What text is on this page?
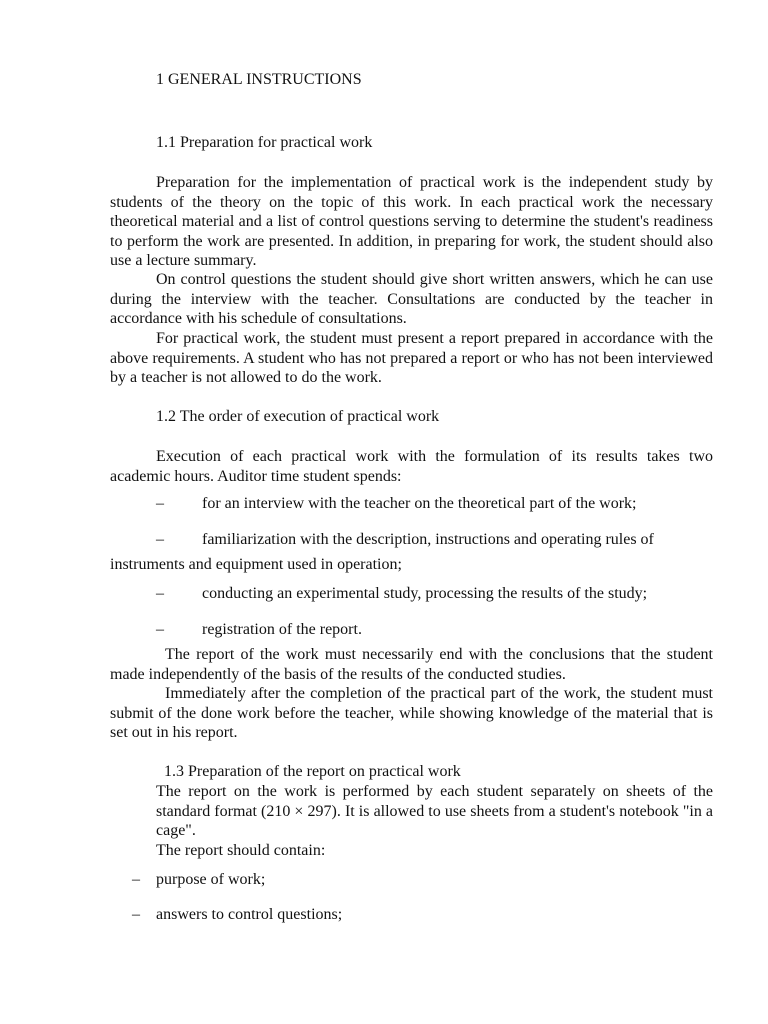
1 GENERAL INSTRUCTIONS
1.1 Preparation for practical work

Preparation for the implementation of practical work is the independent study by students of the theory on the topic of this work. In each practical work the necessary theoretical material and a list of control questions serving to determine the student's readiness to perform the work are presented. In addition, in preparing for work, the student should also use a lecture summary.

On control questions the student should give short written answers, which he can use during the interview with the teacher. Consultations are conducted by the teacher in accordance with his schedule of consultations.

For practical work, the student must present a report prepared in accordance with the above requirements. A student who has not prepared a report or who has not been interviewed by a teacher is not allowed to do the work.

1.2 The order of execution of practical work

Execution of each practical work with the formulation of its results takes two academic hours. Auditor time student spends:

– for an interview with the teacher on the theoretical part of the work;
– familiarization with the description, instructions and operating rules of
instruments and equipment used in operation;
– conducting an experimental study, processing the results of the study;
– registration of the report.

The report of the work must necessarily end with the conclusions that the student made independently of the basis of the results of the conducted studies.

Immediately after the completion of the practical part of the work, the student must submit of the done work before the teacher, while showing knowledge of the material that is set out in his report.

1.3 Preparation of the report on practical work

The report on the work is performed by each student separately on sheets of the standard format (210 × 297). It is allowed to use sheets from a student's notebook "in a cage".

The report should contain:
– purpose of work;
– answers to control questions;
